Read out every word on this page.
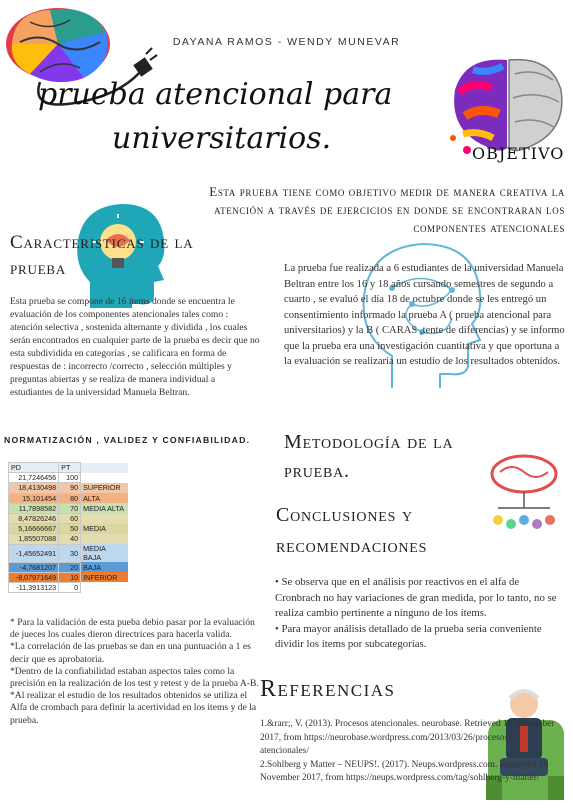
DAYANA RAMOS - WENDY MUNEVAR
prueba atencional para
universitarios.	OBJETIVO
Esta prueba tiene como objetivo medir de manera creativa la atención a través de ejercicios en donde se encontraran los componentes atencionales
Caracteristicas de la prueba
Esta prueba se compone de 16 ítems donde se encuentra le evaluación de los componentes atencionales tales como : atención selectiva , sostenida alternante y dividida , los cuales serán encontrados en cualquier parte de la prueba es decir que no esta subdividida en categorías , se calificara en forma de respuestas de : incorrecto /correcto , selección múltiples y preguntas abiertas y se realiza de manera individual a estudiantes de la universidad Manuela Beltran.
NORMATIZACIÓN , VALIDEZ Y CONFIABILIDAD.
PD	PT	
21,7246456	100	
18,4130498	90	SUPERIOR
15,101454	80	ALTA
11,7898582	70	MEDIA ALTA
8,47826246	60	
5,16666667	50	MEDIA
1,85507088	40	
-1,45652491	30	MEDIA BAJA
-4,7681207	20	BAJA
-8,07971649	10	INFERIOR
-11,3913123	0	
* Para la validación de esta pueba debio pasar por la evaluación de jueces los cuales dieron directrices para hacerla valida.
*La correlación de las pruebas se dan en una puntuación a 1 es decir que es aprobatoria.
*Dentro de la confiabilidad estaban aspectos tales como la precisión en la realización de los test y retest y de la prueba A-B.
*Al realizar el estudio de los resultados obtenidos se utiliza el Alfa de crombach para definir la acertividad en los items y de la prueba.
La prueba fue realizada a 6 estudiantes de la universidad Manuela Beltran entre los 16 y 18 años cursando semestres de segundo a cuarto , se evaluó el día 18 de octubre donde se les entregó un consentimiento informado la prueba A ( prueba atencional para universitarios) y la B ( CARAS ,tente de diferencias) y se informo que la prueba era una investigación cuantitativa y que oportuna a la evaluación se realizaría un estudio de los resultados obtenidos.
Metodología de la prueba.
Conclusiones y recomendaciones
• Se observa que en el análisis por reactivos en el alfa de Cronbrach no hay variaciones de gran medida, por lo tanto, no se realiza cambio pertinente a ninguno de los ítems.
• Para mayor análisis detallado de la prueba sería conveniente dividir los ítems por subcategorías.
Referencias
1.&rarr;, V. (2013). Procesos atencionales. neurobase. Retrieved 16 November 2017, from https://neurobase.wordpress.com/2013/03/26/procesos-atencionales/
2.Sohlberg y Matter – NEUPS!. (2017). Neups.wordpress.com. Retrieved 16 November 2017, from https://neups.wordpress.com/tag/sohlberg-y-matter/
